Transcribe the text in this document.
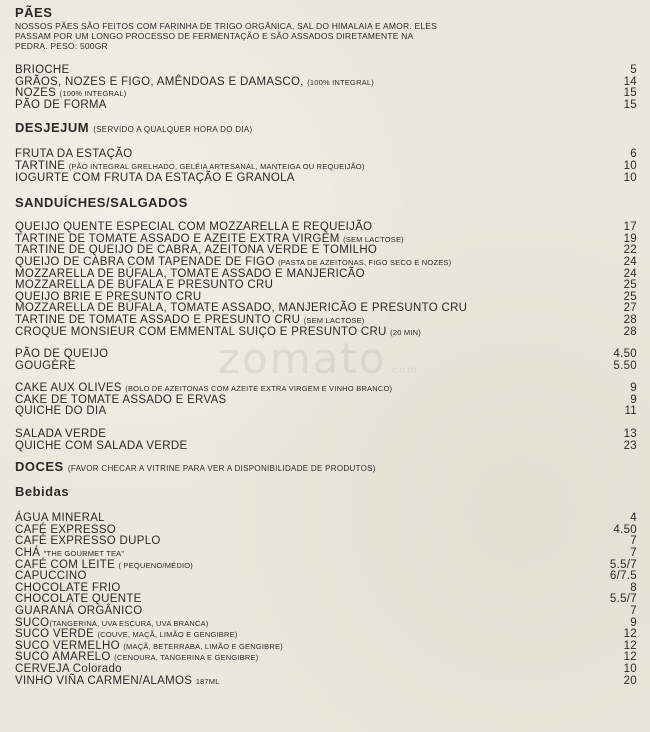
zomato.com
PÃES
NOSSOS PÃES SÃO FEITOS COM FARINHA DE TRIGO ORGÂNICA, SAL DO HIMALAIA E AMOR. ELES PASSAM POR UM LONGO PROCESSO DE FERMENTAÇÃO E SÃO ASSADOS DIRETAMENTE NA PEDRA. PESO: 500GR
BRIOCHE	5
GRÃOS, NOZES E FIGO, AMÊNDOAS E DAMASCO, (100% INTEGRAL)	14
NOZES (100% INTEGRAL)	15
PÃO DE FORMA	15
DESJEJUM (SERVIDO A QUALQUER HORA DO DIA)
FRUTA DA ESTAÇÃO	6
TARTINE (PÃO INTEGRAL GRELHADO, GELÉIA ARTESANAL, MANTEIGA OU REQUEIJÃO)	10
IOGURTE COM FRUTA DA ESTAÇÃO E GRANOLA	10
SANDUÍCHES/SALGADOS
QUEIJO QUENTE ESPECIAL COM MOZZARELLA E REQUEIJÃO	17
TARTINE DE TOMATE ASSADO E AZEITE EXTRA VIRGEM (SEM LACTOSE)	19
TARTINE DE QUEIJO DE CABRA, AZEITONA VERDE E TOMILHO	22
QUEIJO DE CABRA COM TAPENADE DE FIGO (PASTA DE AZEITONAS, FIGO SECO E NOZES)	24
MOZZARELLA DE BÚFALA, TOMATE ASSADO E MANJERICÃO	24
MOZZARELLA DE BÚFALA E PRESUNTO CRU	25
QUEIJO BRIE E PRESUNTO CRU	25
MOZZARELLA DE BÚFALA, TOMATE ASSADO, MANJERICÃO E PRESUNTO CRU	27
TARTINE DE TOMATE ASSADO E PRESUNTO CRU (SEM LACTOSE)	28
CROQUE MONSIEUR COM EMMENTAL SUIÇO E PRESUNTO CRU (20 MIN)	28
PÃO DE QUEIJO	4.50
GOUGÈRE	5.50
CAKE AUX OLIVES (BOLO DE AZEITONAS COM AZEITE EXTRA VIRGEM E VINHO BRANCO)	9
CAKE DE TOMATE ASSADO E ERVAS	9
QUICHE DO DIA	11
SALADA VERDE	13
QUICHE COM SALADA VERDE	23
DOCES (FAVOR CHECAR A VITRINE PARA VER A DISPONIBILIDADE DE PRODUTOS)
Bebidas
ÁGUA MINERAL	4
CAFÉ EXPRESSO	4.50
CAFÉ EXPRESSO DUPLO	7
CHÁ "THE GOURMET TEA"	7
CAFÉ COM LEITE ( PEQUENO/MÉDIO)	5.5/7
CAPUCCINO	6/7.5
CHOCOLATE FRIO	8
CHOCOLATE QUENTE	5.5/7
GUARANÁ ORGÂNICO	7
SUCO(TANGERINA, UVA ESCURA, UVA BRANCA)	9
SUCO VERDE (COUVE, MAÇÃ, LIMÃO E GENGIBRE)	12
SUCO VERMELHO (MAÇÃ, BETERRABA, LIMÃO E GENGIBRE)	12
SUCO AMARELO (CENOURA, TANGERINA E GENGIBRE)	12
CERVEJA Colorado	10
VINHO VIÑA CARMEN/ALAMOS 187ML	20
